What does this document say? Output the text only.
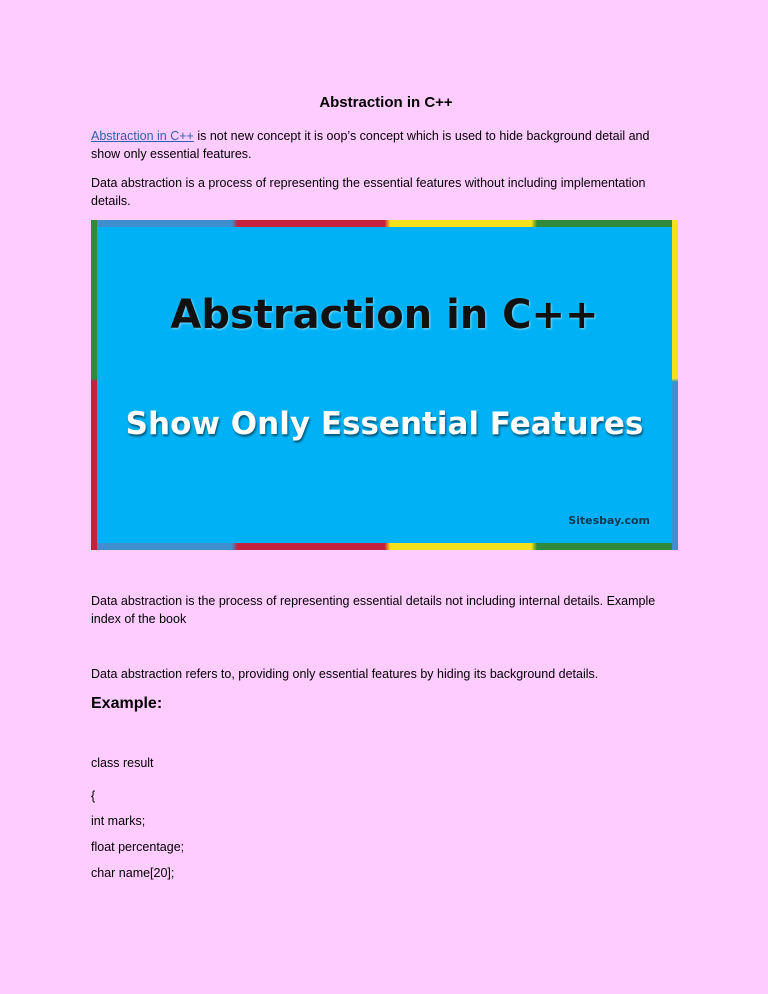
Abstraction in C++

Abstraction in C++ is not new concept it is oop’s concept which is used to hide background detail and show only essential features.

Data abstraction is a process of representing the essential features without including implementation details.

Abstraction in C++
Show Only Essential Features
Sitesbay.com

Data abstraction is the process of representing essential details not including internal details. Example index of the book

Data abstraction refers to, providing only essential features by hiding its background details.

Example:

class result

{

int marks;

float percentage;

char name[20];
